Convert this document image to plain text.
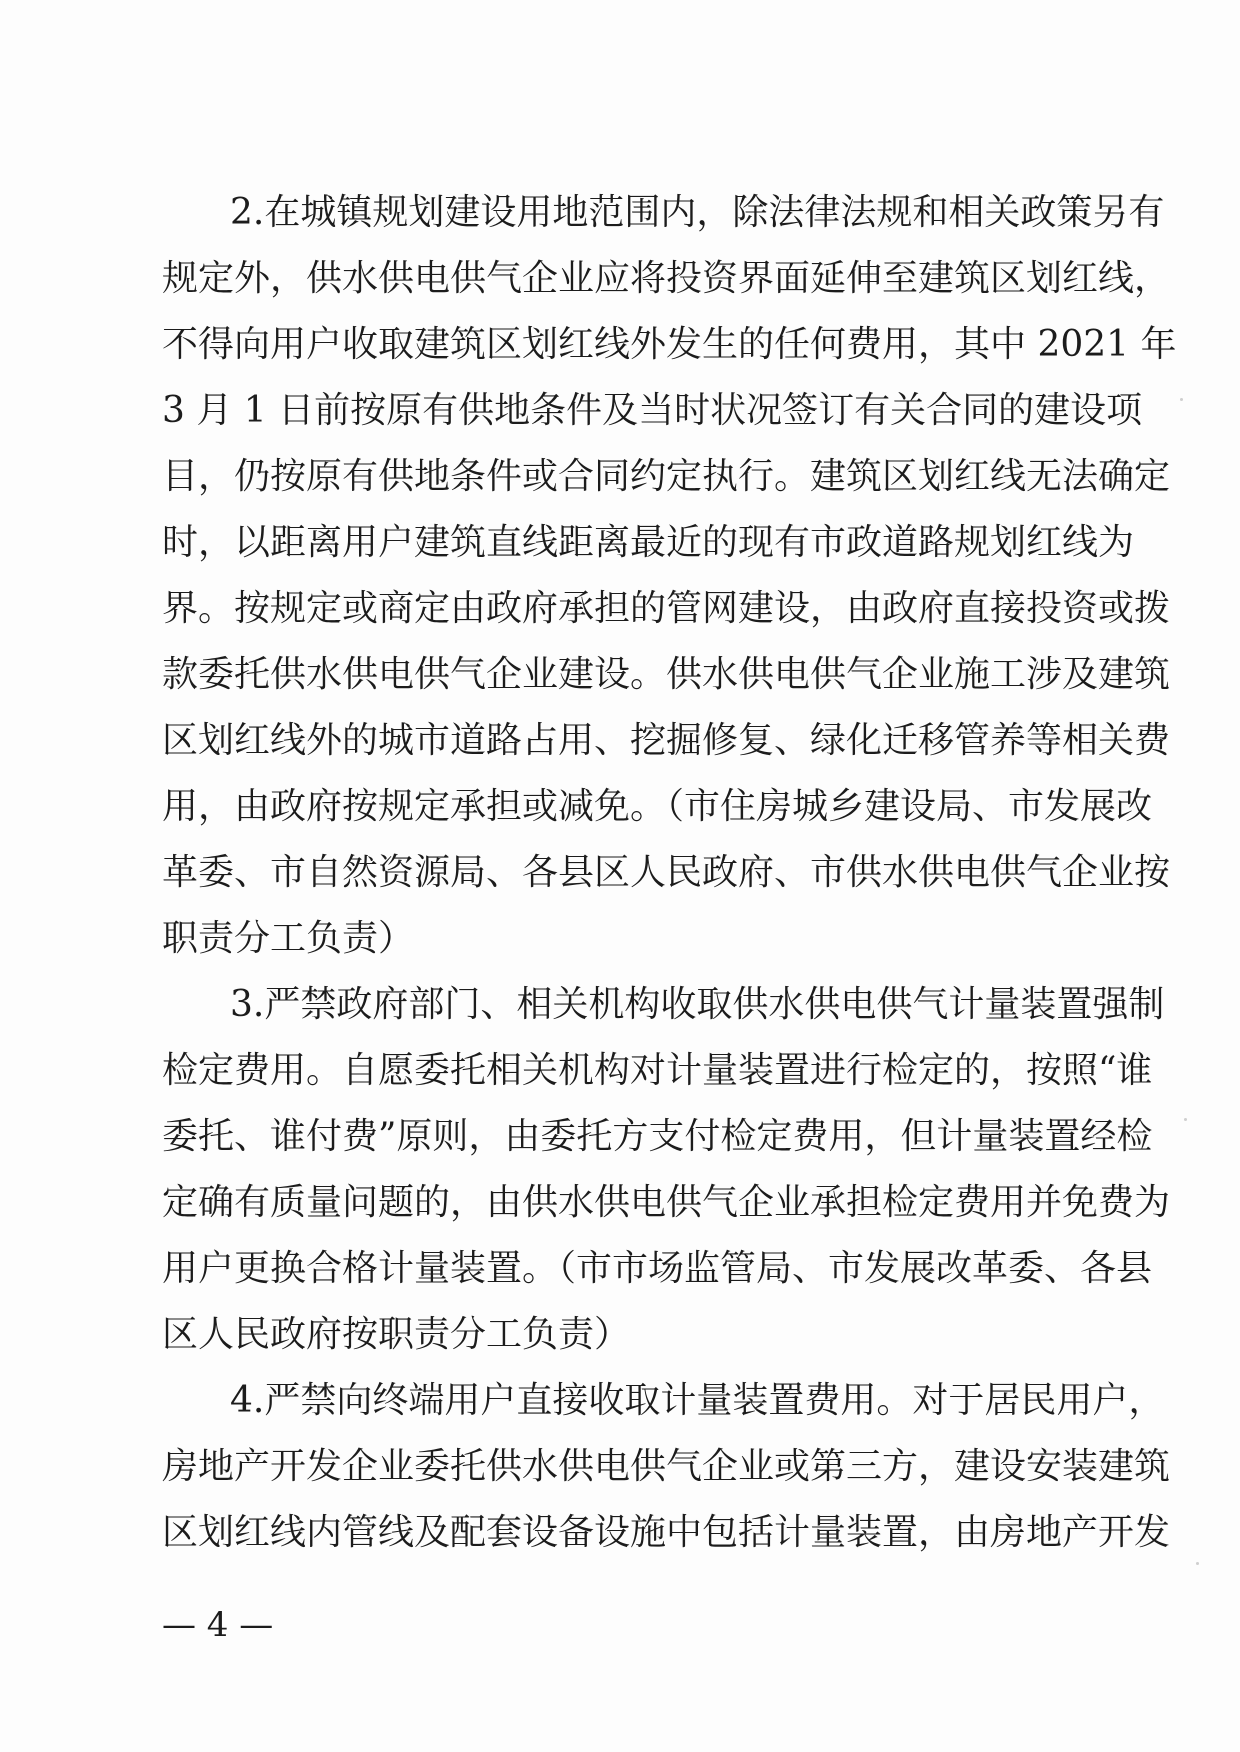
2.在城镇规划建设用地范围内，除法律法规和相关政策另有
规定外，供水供电供气企业应将投资界面延伸至建筑区划红线，
不得向用户收取建筑区划红线外发生的任何费用，其中 2021 年
3 月 1 日前按原有供地条件及当时状况签订有关合同的建设项
目，仍按原有供地条件或合同约定执行。建筑区划红线无法确定
时，以距离用户建筑直线距离最近的现有市政道路规划红线为
界。按规定或商定由政府承担的管网建设，由政府直接投资或拨
款委托供水供电供气企业建设。供水供电供气企业施工涉及建筑
区划红线外的城市道路占用、挖掘修复、绿化迁移管养等相关费
用，由政府按规定承担或减免。（市住房城乡建设局、市发展改
革委、市自然资源局、各县区人民政府、市供水供电供气企业按
职责分工负责）
3.严禁政府部门、相关机构收取供水供电供气计量装置强制
检定费用。自愿委托相关机构对计量装置进行检定的，按照“谁
委托、谁付费”原则，由委托方支付检定费用，但计量装置经检
定确有质量问题的，由供水供电供气企业承担检定费用并免费为
用户更换合格计量装置。（市市场监管局、市发展改革委、各县
区人民政府按职责分工负责）
4.严禁向终端用户直接收取计量装置费用。对于居民用户，
房地产开发企业委托供水供电供气企业或第三方，建设安装建筑
区划红线内管线及配套设备设施中包括计量装置，由房地产开发
— 4 —
